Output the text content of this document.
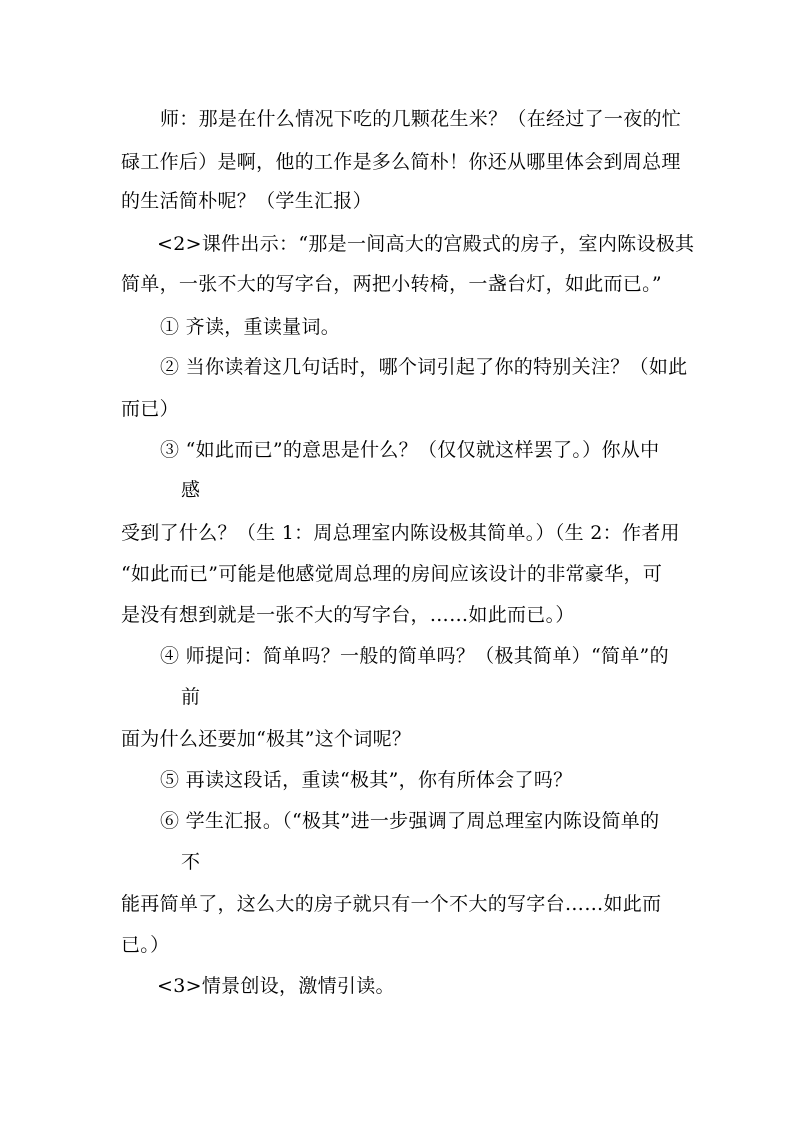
师：那是在什么情况下吃的几颗花生米？（在经过了一夜的忙
碌工作后）是啊，他的工作是多么简朴！你还从哪里体会到周总理
的生活简朴呢？（学生汇报）
<2>课件出示：“那是一间高大的宫殿式的房子，室内陈设极其
简单，一张不大的写字台，两把小转椅，一盏台灯，如此而已。”
① 齐读，重读量词。
② 当你读着这几句话时，哪个词引起了你的特别关注？（如此
而已）
③ “如此而已”的意思是什么？（仅仅就这样罢了。）你从中
感
受到了什么？（生 1：周总理室内陈设极其简单。）（生 2：作者用
“如此而已”可能是他感觉周总理的房间应该设计的非常豪华，可
是没有想到就是一张不大的写字台，……如此而已。）
④ 师提问：简单吗？一般的简单吗？（极其简单）“简单”的
前
面为什么还要加“极其”这个词呢？
⑤ 再读这段话，重读“极其”，你有所体会了吗？
⑥ 学生汇报。（“极其”进一步强调了周总理室内陈设简单的
不
能再简单了，这么大的房子就只有一个不大的写字台……如此而
已。）
<3>情景创设，激情引读。
